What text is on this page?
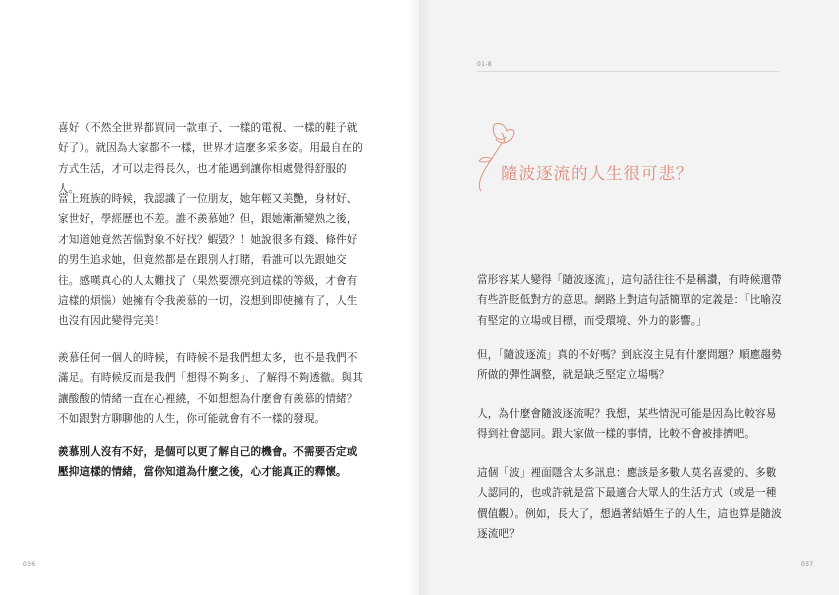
喜好（不然全世界都買同一款車子、一樣的電視、一樣的鞋子就好了）。就因為大家都不一樣，世界才這麼多采多姿。用最自在的方式生活，才可以走得長久，也才能遇到讓你相處覺得舒服的人。

當上班族的時候，我認識了一位朋友，她年輕又美艷，身材好、家世好，學經歷也不差。誰不羨慕她？但，跟她漸漸變熟之後，才知道她竟然苦惱對象不好找？蝦毀？！她說很多有錢、條件好的男生追求她，但竟然都是在跟別人打賭，看誰可以先跟她交往。感嘆真心的人太難找了（果然要漂亮到這樣的等級，才會有這樣的煩惱）她擁有令我羨慕的一切，沒想到即使擁有了，人生也沒有因此變得完美！

羨慕任何一個人的時候，有時候不是我們想太多，也不是我們不滿足。有時候反而是我們「想得不夠多」、了解得不夠透徹。與其讓酸酸的情緒一直在心裡繞，不如想想為什麼會有羨慕的情緒？不如跟對方聊聊他的人生，你可能就會有不一樣的發現。

羨慕別人沒有不好，是個可以更了解自己的機會。不需要否定或壓抑這樣的情緒，當你知道為什麼之後，心才能真正的釋懷。

036
01-8
隨波逐流的人生很可悲？

當形容某人變得「隨波逐流」，這句話往往不是稱讚，有時候還帶有些許貶低對方的意思。網路上對這句話簡單的定義是：「比喻沒有堅定的立場或目標，而受環境、外力的影響。」

但，「隨波逐流」真的不好嗎？到底沒主見有什麼問題？順應趨勢所做的彈性調整，就是缺乏堅定立場嗎？

人，為什麼會隨波逐流呢？我想，某些情況可能是因為比較容易得到社會認同。跟大家做一樣的事情，比較不會被排擠吧。

這個「波」裡面隱含太多訊息：應該是多數人莫名喜愛的、多數人認同的，也或許就是當下最適合大眾人的生活方式（或是一種價值觀）。例如，長大了，想過著結婚生子的人生，這也算是隨波逐流吧？

037
